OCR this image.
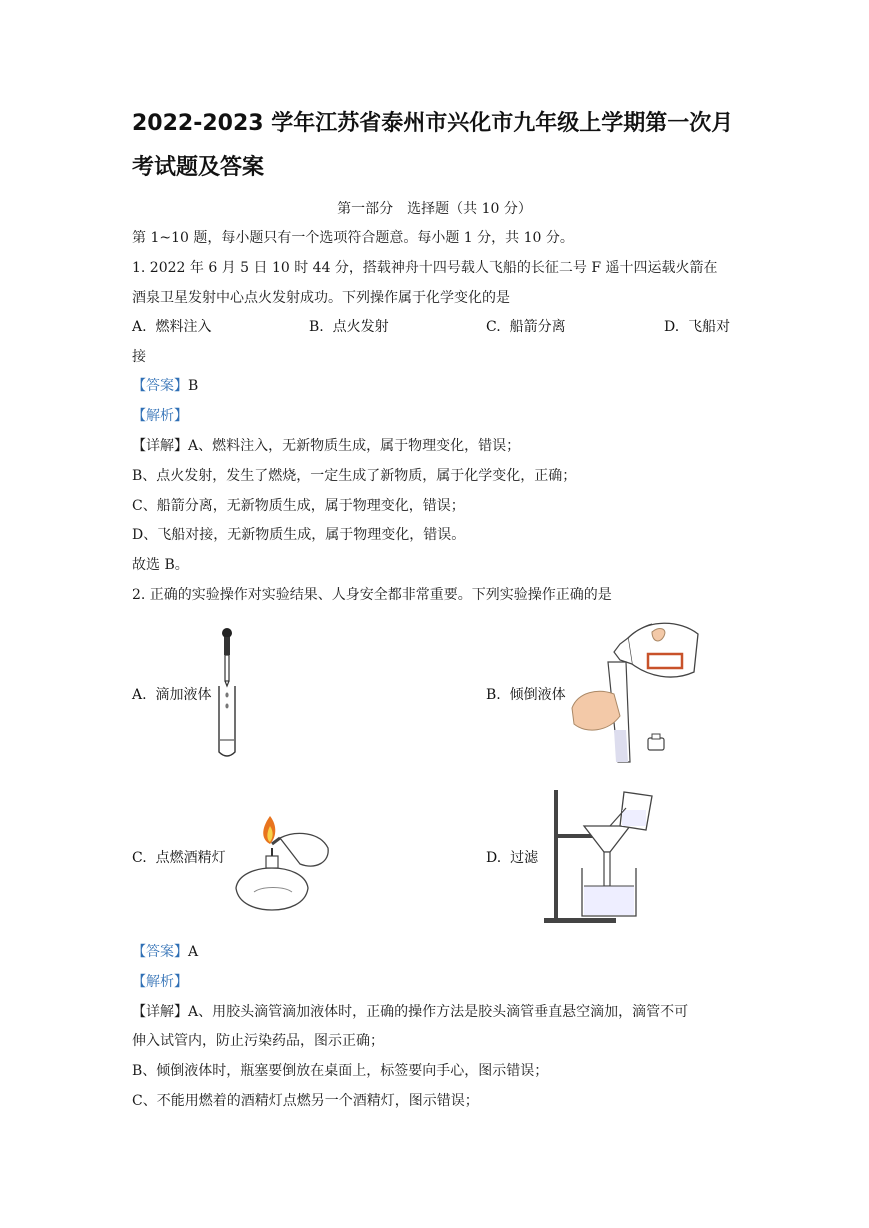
2022-2023 学年江苏省泰州市兴化市九年级上学期第一次月
考试题及答案
第一部分　选择题（共 10 分）
第 1~10 题，每小题只有一个选项符合题意。每小题 1 分，共 10 分。
1. 2022 年 6 月 5 日 10 时 44 分，搭载神舟十四号载人飞船的长征二号 F 遥十四运载火箭在
酒泉卫星发射中心点火发射成功。下列操作属于化学变化的是
A. 燃料注入	B. 点火发射	C. 船箭分离	D. 飞船对
接
【答案】B
【解析】
【详解】A、燃料注入，无新物质生成，属于物理变化，错误；
B、点火发射，发生了燃烧，一定生成了新物质，属于化学变化，正确；
C、船箭分离，无新物质生成，属于物理变化，错误；
D、飞船对接，无新物质生成，属于物理变化，错误。
故选 B。
2. 正确的实验操作对实验结果、人身安全都非常重要。下列实验操作正确的是
A. 滴加液体	B. 倾倒液体
C. 点燃酒精灯	D. 过滤
【答案】A
【解析】
【详解】A、用胶头滴管滴加液体时，正确的操作方法是胶头滴管垂直悬空滴加，滴管不可
伸入试管内，防止污染药品，图示正确；
B、倾倒液体时，瓶塞要倒放在桌面上，标签要向手心，图示错误；
C、不能用燃着的酒精灯点燃另一个酒精灯，图示错误；
